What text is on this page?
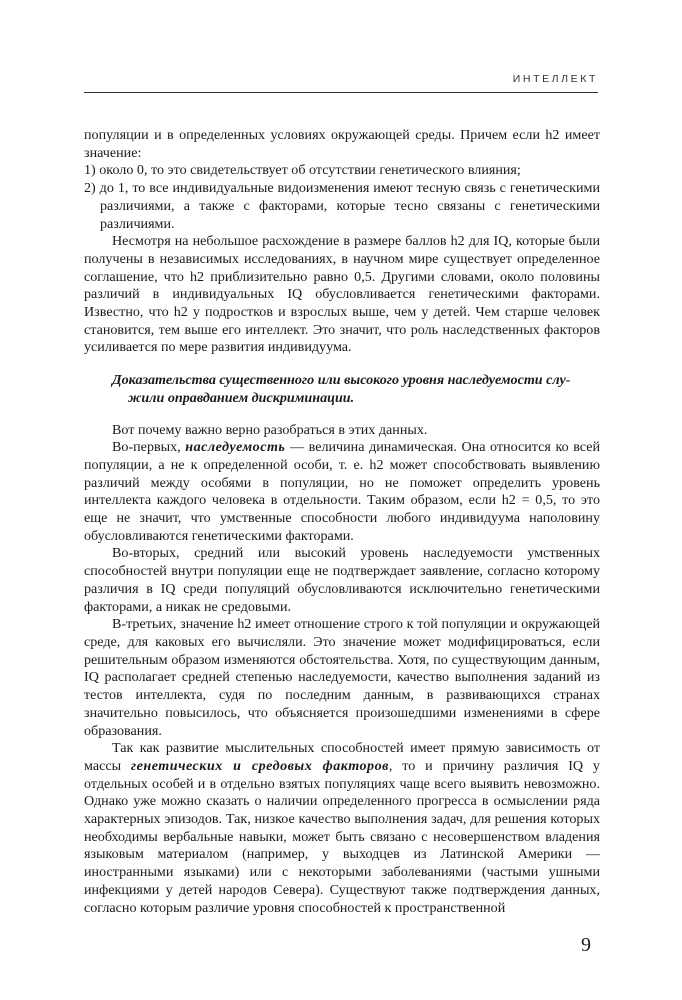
ИНТЕЛЛЕКТ

популяции и в определенных условиях окружающей среды. Причем если h2 имеет значение:

1) около 0, то это свидетельствует об отсутствии генетического влияния;

2) до 1, то все индивидуальные видоизменения имеют тесную связь с генетическими различиями, а также с факторами, которые тесно связаны с генетическими различиями.

Несмотря на небольшое расхождение в размере баллов h2 для IQ, которые были получены в независимых исследованиях, в научном мире существует определенное соглашение, что h2 приблизительно равно 0,5. Другими словами, около половины различий в индивидуальных IQ обусловливается генетическими факторами. Известно, что h2 у подростков и взрослых выше, чем у детей. Чем старше человек становится, тем выше его интеллект. Это значит, что роль наследственных факторов усиливается по мере развития индивидуума.

Доказательства существенного или высокого уровня наследуемости слу-
жили оправданием дискриминации.

Вот почему важно верно разобраться в этих данных.

Во-первых, наследуемость — величина динамическая. Она относится ко всей популяции, а не к определенной особи, т. е. h2 может способствовать выявлению различий между особями в популяции, но не поможет определить уровень интеллекта каждого человека в отдельности. Таким образом, если h2 = 0,5, то это еще не значит, что умственные способности любого индивидуума наполовину обусловливаются генетическими факторами.

Во-вторых, средний или высокий уровень наследуемости умственных способностей внутри популяции еще не подтверждает заявление, согласно которому различия в IQ среди популяций обусловливаются исключительно генетическими факторами, а никак не средовыми.

В-третьих, значение h2 имеет отношение строго к той популяции и окружающей среде, для каковых его вычисляли. Это значение может модифицироваться, если решительным образом изменяются обстоятельства. Хотя, по существующим данным, IQ располагает средней степенью наследуемости, качество выполнения заданий из тестов интеллекта, судя по последним данным, в развивающихся странах значительно повысилось, что объясняется произошедшими изменениями в сфере образования.

Так как развитие мыслительных способностей имеет прямую зависимость от массы генетических и средовых факторов, то и причину различия IQ у отдельных особей и в отдельно взятых популяциях чаще всего выявить невозможно. Однако уже можно сказать о наличии определенного прогресса в осмыслении ряда характерных эпизодов. Так, низкое качество выполнения задач, для решения которых необходимы вербальные навыки, может быть связано с несовершенством владения языковым материалом (например, у выходцев из Латинской Америки — иностранными языками) или с некоторыми заболеваниями (частыми ушными инфекциями у детей народов Севера). Существуют также подтверждения данных, согласно которым различие уровня способностей к пространственной

9
